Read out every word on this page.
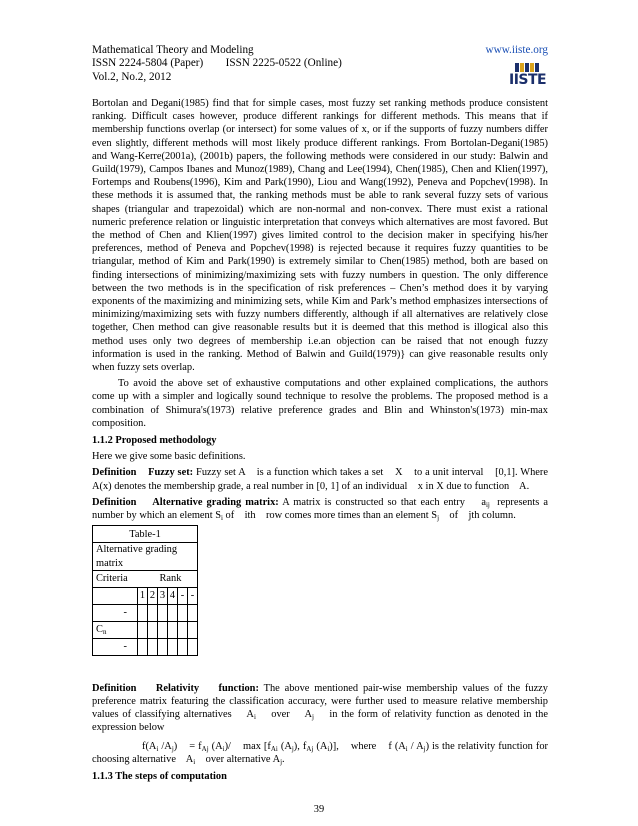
Mathematical Theory and Modeling
ISSN 2224-5804 (Paper)        ISSN 2225-0522 (Online)
Vol.2, No.2, 2012
www.iiste.org
IISTE

Bortolan and Degani(1985) find that for simple cases, most fuzzy set ranking methods produce consistent ranking. Difficult cases however, produce different rankings for different methods. This means that if membership functions overlap (or intersect) for some values of x, or if the supports of fuzzy numbers differ even slightly, different methods will most likely produce different rankings. From Bortolan-Degani(1985) and Wang-Kerre(2001a), (2001b) papers, the following methods were considered in our study: Balwin and Guild(1979), Campos Ibanes and Munoz(1989), Chang and Lee(1994), Chen(1985), Chen and Klien(1997), Fortemps and Roubens(1996), Kim and Park(1990), Liou and Wang(1992), Peneva and Popchev(1998). In these methods it is assumed that, the ranking methods must be able to rank several fuzzy sets of various shapes (triangular and trapezoidal) which are non-normal and non-convex. There must exist a rational numeric preference relation or linguistic interpretation that conveys which alternatives are most favored. But the method of Chen and Klien(1997) gives limited control to the decision maker in specifying his/her preferences, method of Peneva and Popchev(1998) is rejected because it requires fuzzy quantities to be triangular, method of Kim and Park(1990) is extremely similar to Chen(1985) method, both are based on finding intersections of minimizing/maximizing sets with fuzzy numbers in question. The only difference between the two methods is in the specification of risk preferences – Chen’s method does it by varying exponents of the maximizing and minimizing sets, while Kim and Park’s method emphasizes intersections of minimizing/maximizing sets with fuzzy numbers differently, although if all alternatives are relatively close together, Chen method can give reasonable results but it is deemed that this method is illogical also this method uses only two degrees of membership i.e.an objection can be raised that not enough fuzzy information is used in the ranking. Method of Balwin and Guild(1979)} can give reasonable results only when fuzzy sets overlap.

To avoid the above set of exhaustive computations and other explained complications, the authors come up with a simpler and logically sound technique to resolve the problems. The proposed method is a combination of Shimura's(1973) relative preference grades and Blin and Whinston's(1973) min-max composition.

1.1.2 Proposed methodology

Here we give some basic definitions.

Definition    Fuzzy set: Fuzzy set A    is a function which takes a set    X    to a unit interval    [0,1]. Where A(x) denotes the membership grade, a real number in [0, 1] of an individual    x in X due to function    A.

Definition    Alternative grading matrix: A matrix is constructed so that each entry    $a_{ij}$  represents a number by which an element $S_i$ of    ith    row comes more times than an element $S_j$    of    jth column.

Table-1						
Alternative grading matrix						
Criteria	Rank					
	1	2	3	4	-	-
-						
$C_n$						
-						

Definition    Relativity    function: The above mentioned pair-wise membership values of the fuzzy preference matrix featuring the classification accuracy, were further used to measure relative membership values of classifying alternatives    $A_i$    over    $A_j$    in the form of relativity function as denoted in the expression below

$f(A_i$ $/A_j$)    = $f_{Aj}$ $(A_i)/$    $\max [f_{Ai}$ $(A_j)$, $f_{Aj}$ $(A_i)$],    where    f $(A_i / A_j)$ is the relativity function for choosing alternative    $A_i$    over alternative $A_j$.

1.1.3 The steps of computation
39
